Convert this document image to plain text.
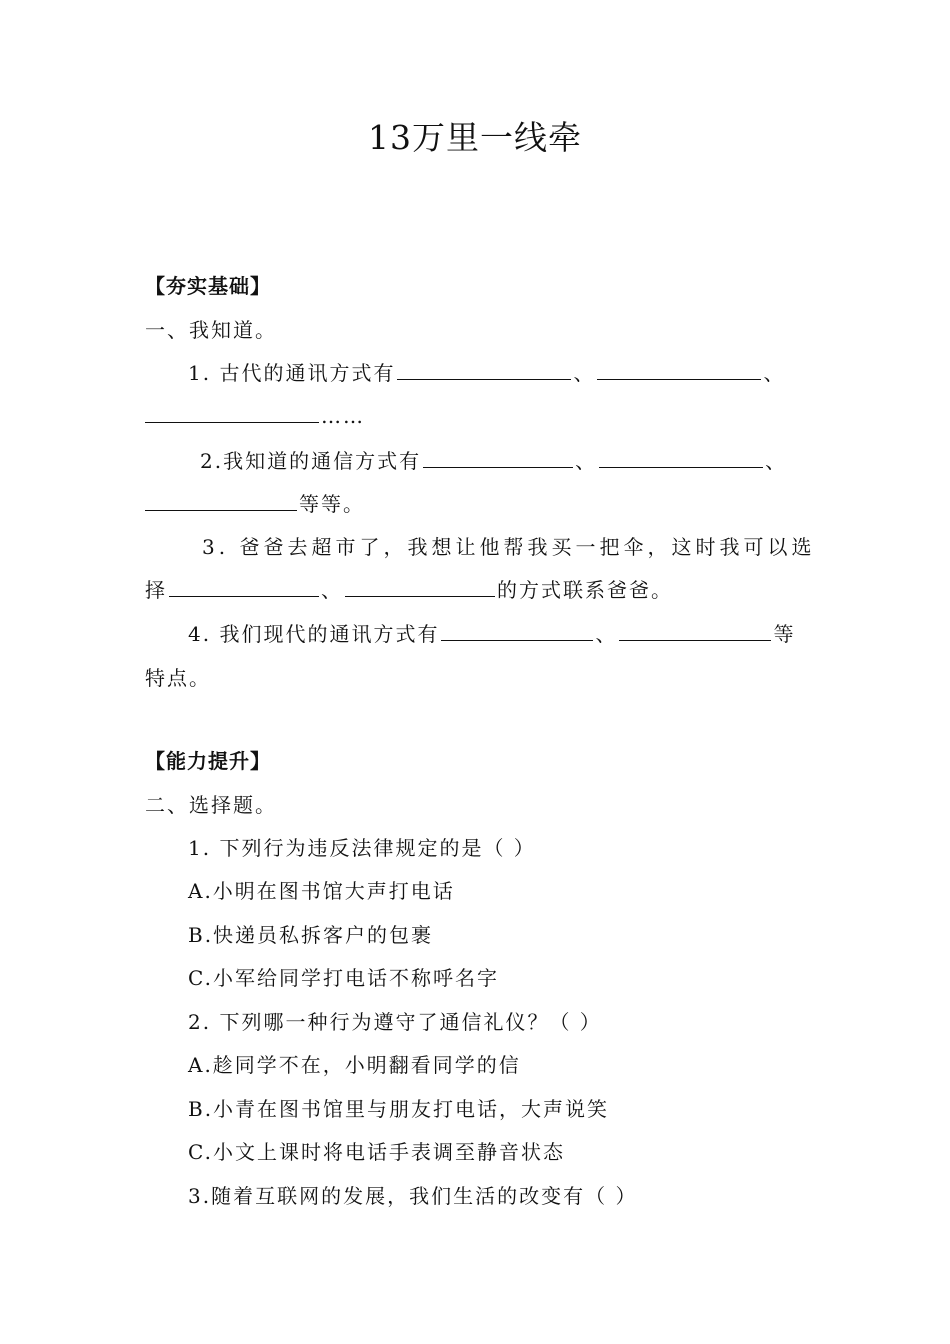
13万里一线牵
【夯实基础】
一、我知道。
1. 古代的通讯方式有	、	、
……
2.我知道的通信方式有	、	、
等等。
3. 爸爸去超市了，我想让他帮我买一把伞，这时我可以选
择	、	的方式联系爸爸。
4. 我们现代的通讯方式有	、	等
特点。
【能力提升】
二、选择题。
1. 下列行为违反法律规定的是（ ）
A.小明在图书馆大声打电话
B.快递员私拆客户的包裹
C.小军给同学打电话不称呼名字
2. 下列哪一种行为遵守了通信礼仪？（ ）
A.趁同学不在，小明翻看同学的信
B.小青在图书馆里与朋友打电话，大声说笑
C.小文上课时将电话手表调至静音状态
3.随着互联网的发展，我们生活的改变有（ ）
